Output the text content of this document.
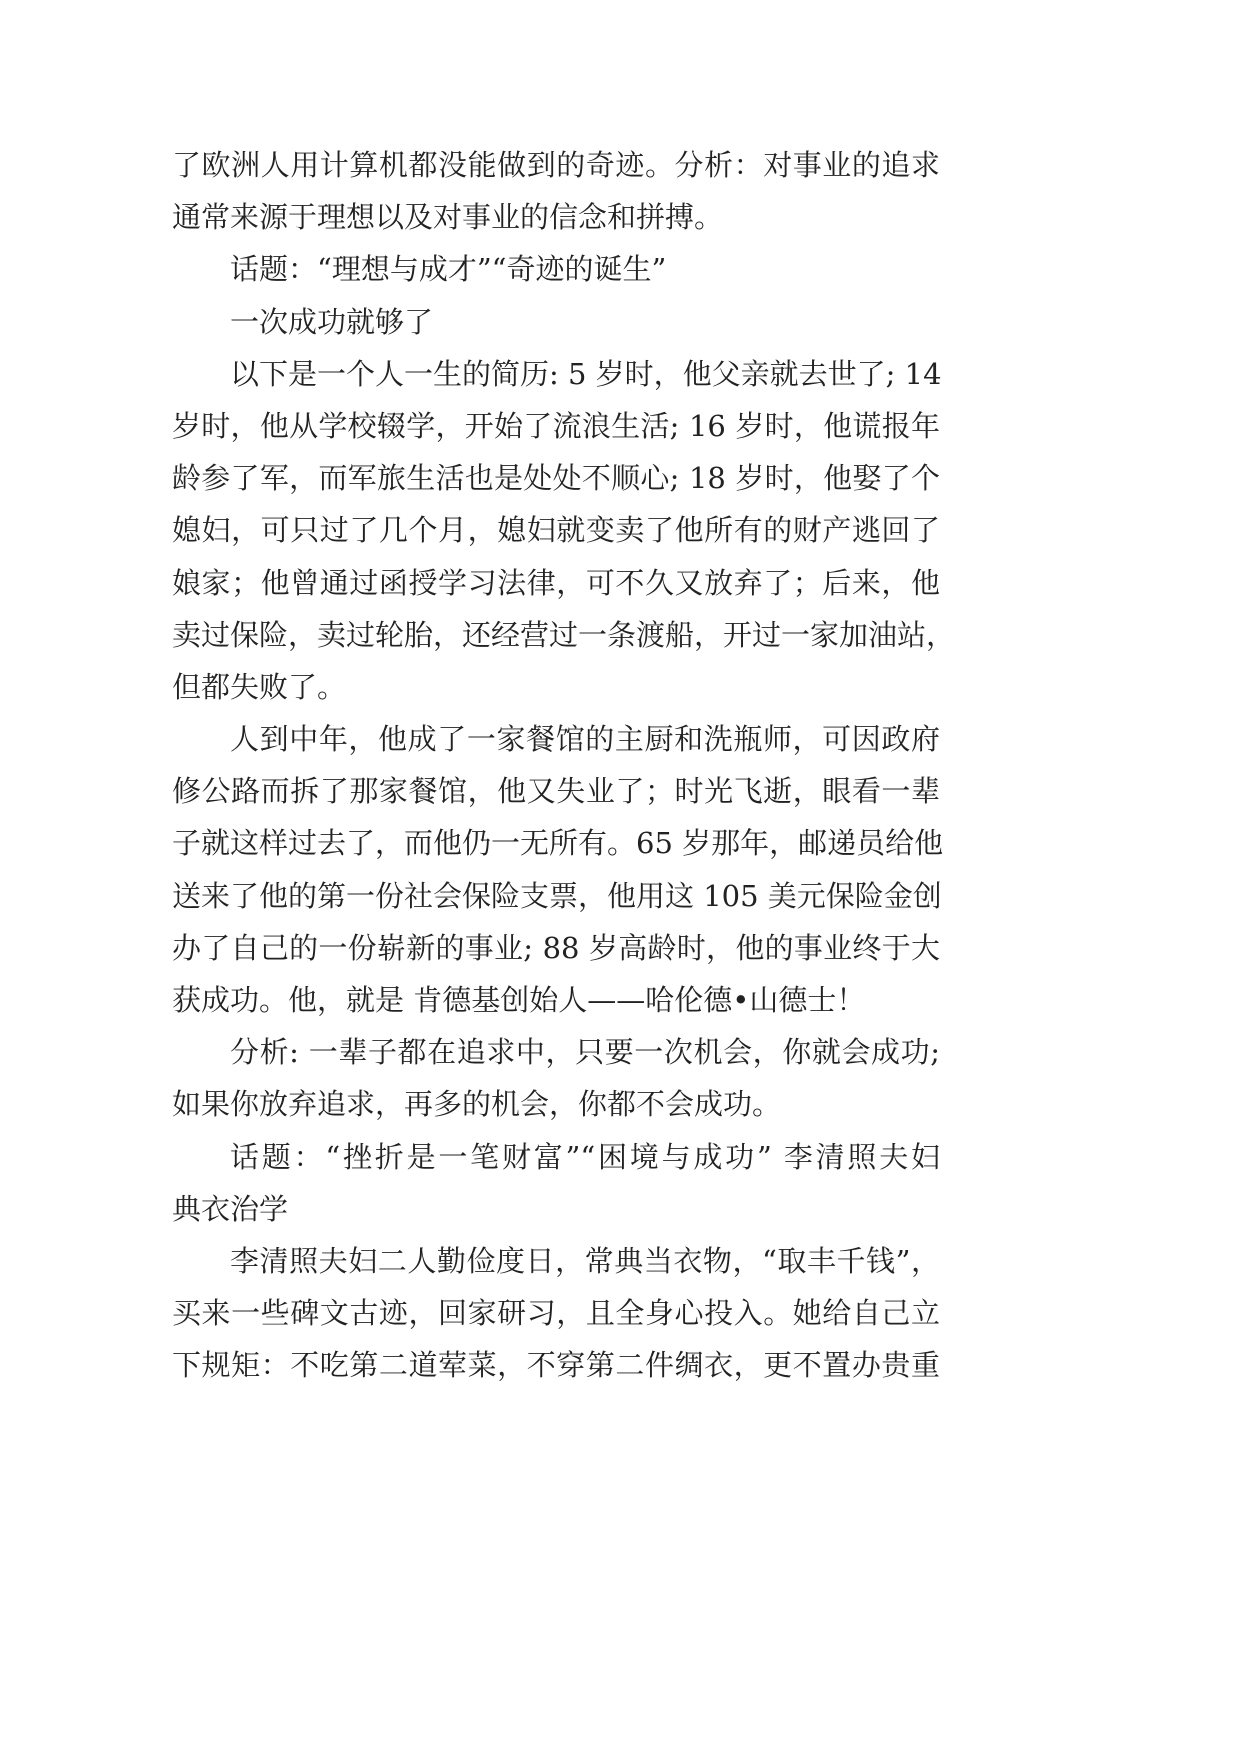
了欧洲人用计算机都没能做到的奇迹。分析：对事业的追求
通常来源于理想以及对事业的信念和拼搏。
话题：“理想与成才”“奇迹的诞生”
一次成功就够了
以下是一个人一生的简历: 5 岁时，他父亲就去世了; 14
岁时，他从学校辍学，开始了流浪生活; 16 岁时，他谎报年
龄参了军，而军旅生活也是处处不顺心; 18 岁时，他娶了个
媳妇，可只过了几个月，媳妇就变卖了他所有的财产逃回了
娘家；他曾通过函授学习法律，可不久又放弃了；后来，他
卖过保险，卖过轮胎，还经营过一条渡船，开过一家加油站，
但都失败了。
人到中年，他成了一家餐馆的主厨和洗瓶师，可因政府
修公路而拆了那家餐馆，他又失业了；时光飞逝，眼看一辈
子就这样过去了，而他仍一无所有。65 岁那年，邮递员给他
送来了他的第一份社会保险支票，他用这 105 美元保险金创
办了自己的一份崭新的事业; 88 岁高龄时，他的事业终于大
获成功。他，就是 肯德基创始人——哈伦德•山德士！
分析: 一辈子都在追求中，只要一次机会，你就会成功;
如果你放弃追求，再多的机会，你都不会成功。
话题：“挫折是一笔财富”“困境与成功” 李清照夫妇
典衣治学
李清照夫妇二人勤俭度日，常典当衣物，“取丰千钱”，
买来一些碑文古迹，回家研习，且全身心投入。她给自己立
下规矩：不吃第二道荤菜，不穿第二件绸衣，更不置办贵重
